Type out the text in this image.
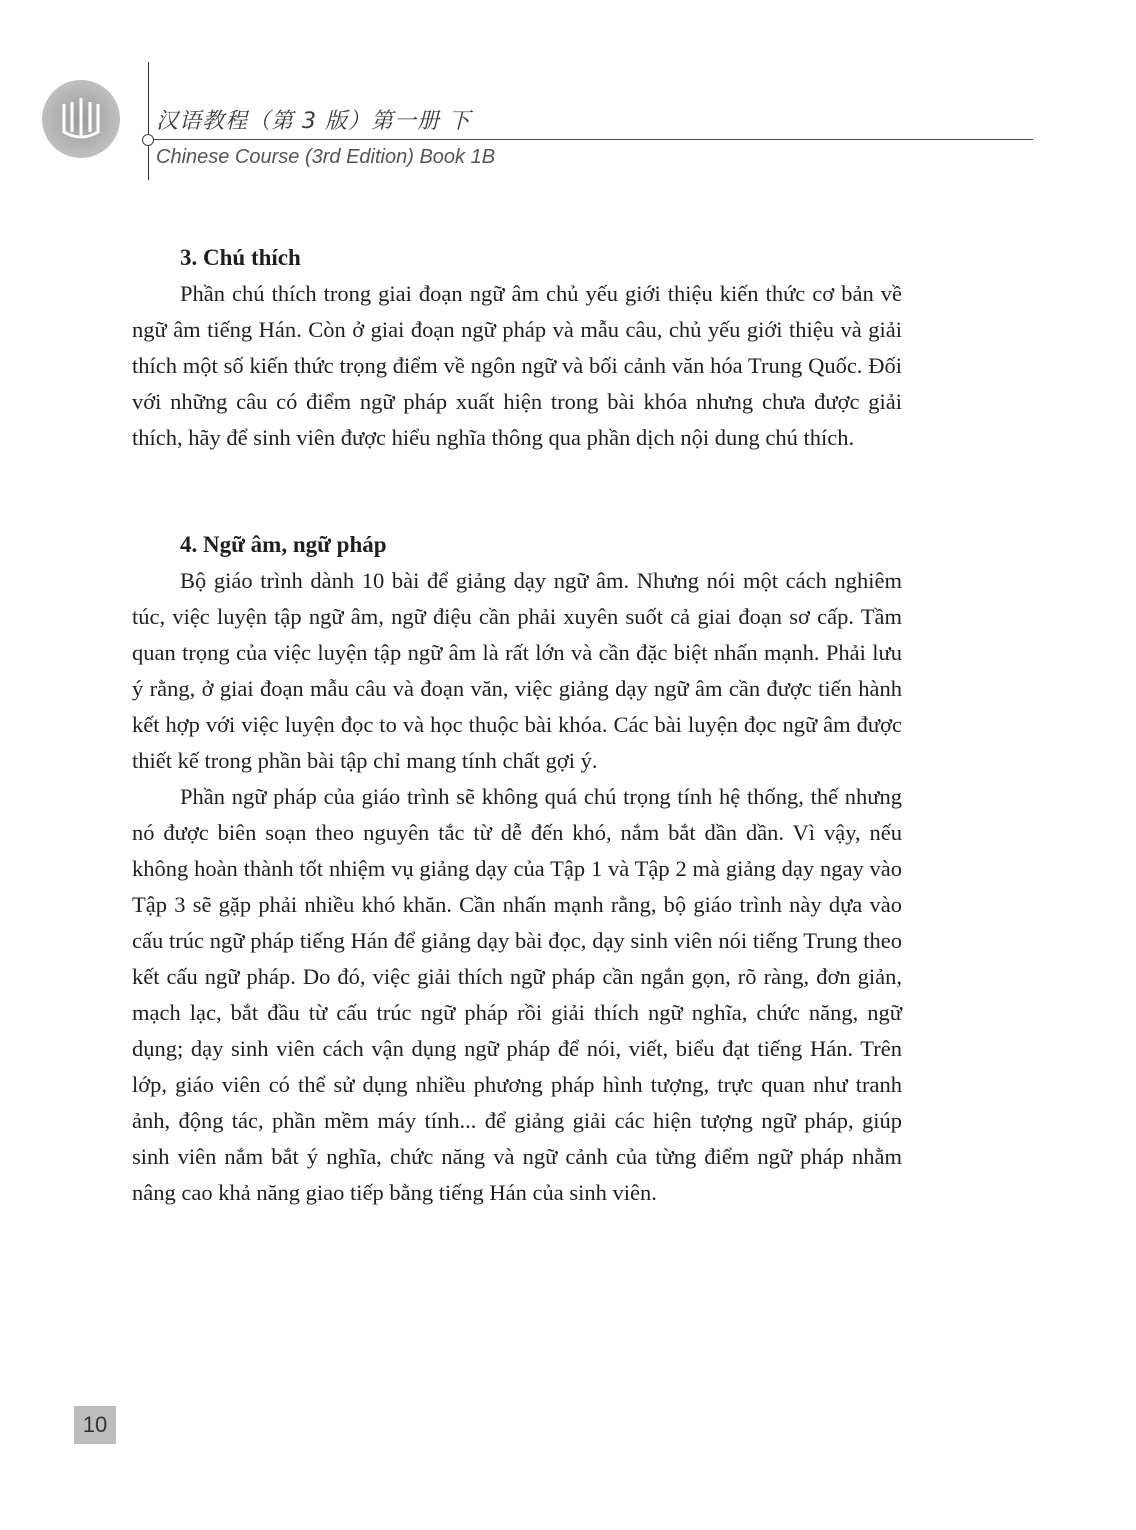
汉语教程（第 3 版）第一册 下
Chinese Course (3rd Edition) Book 1B
3. Chú thích

Phần chú thích trong giai đoạn ngữ âm chủ yếu giới thiệu kiến thức cơ bản về ngữ âm tiếng Hán. Còn ở giai đoạn ngữ pháp và mẫu câu, chủ yếu giới thiệu và giải thích một số kiến thức trọng điểm về ngôn ngữ và bối cảnh văn hóa Trung Quốc. Đối với những câu có điểm ngữ pháp xuất hiện trong bài khóa nhưng chưa được giải thích, hãy để sinh viên được hiểu nghĩa thông qua phần dịch nội dung chú thích.

4. Ngữ âm, ngữ pháp

Bộ giáo trình dành 10 bài để giảng dạy ngữ âm. Nhưng nói một cách nghiêm túc, việc luyện tập ngữ âm, ngữ điệu cần phải xuyên suốt cả giai đoạn sơ cấp. Tầm quan trọng của việc luyện tập ngữ âm là rất lớn và cần đặc biệt nhấn mạnh. Phải lưu ý rằng, ở giai đoạn mẫu câu và đoạn văn, việc giảng dạy ngữ âm cần được tiến hành kết hợp với việc luyện đọc to và học thuộc bài khóa. Các bài luyện đọc ngữ âm được thiết kế trong phần bài tập chỉ mang tính chất gợi ý.

Phần ngữ pháp của giáo trình sẽ không quá chú trọng tính hệ thống, thế nhưng nó được biên soạn theo nguyên tắc từ dễ đến khó, nắm bắt dần dần. Vì vậy, nếu không hoàn thành tốt nhiệm vụ giảng dạy của Tập 1 và Tập 2 mà giảng dạy ngay vào Tập 3 sẽ gặp phải nhiều khó khăn. Cần nhấn mạnh rằng, bộ giáo trình này dựa vào cấu trúc ngữ pháp tiếng Hán để giảng dạy bài đọc, dạy sinh viên nói tiếng Trung theo kết cấu ngữ pháp. Do đó, việc giải thích ngữ pháp cần ngắn gọn, rõ ràng, đơn giản, mạch lạc, bắt đầu từ cấu trúc ngữ pháp rồi giải thích ngữ nghĩa, chức năng, ngữ dụng; dạy sinh viên cách vận dụng ngữ pháp để nói, viết, biểu đạt tiếng Hán. Trên lớp, giáo viên có thể sử dụng nhiều phương pháp hình tượng, trực quan như tranh ảnh, động tác, phần mềm máy tính... để giảng giải các hiện tượng ngữ pháp, giúp sinh viên nắm bắt ý nghĩa, chức năng và ngữ cảnh của từng điểm ngữ pháp nhằm nâng cao khả năng giao tiếp bằng tiếng Hán của sinh viên.

10
